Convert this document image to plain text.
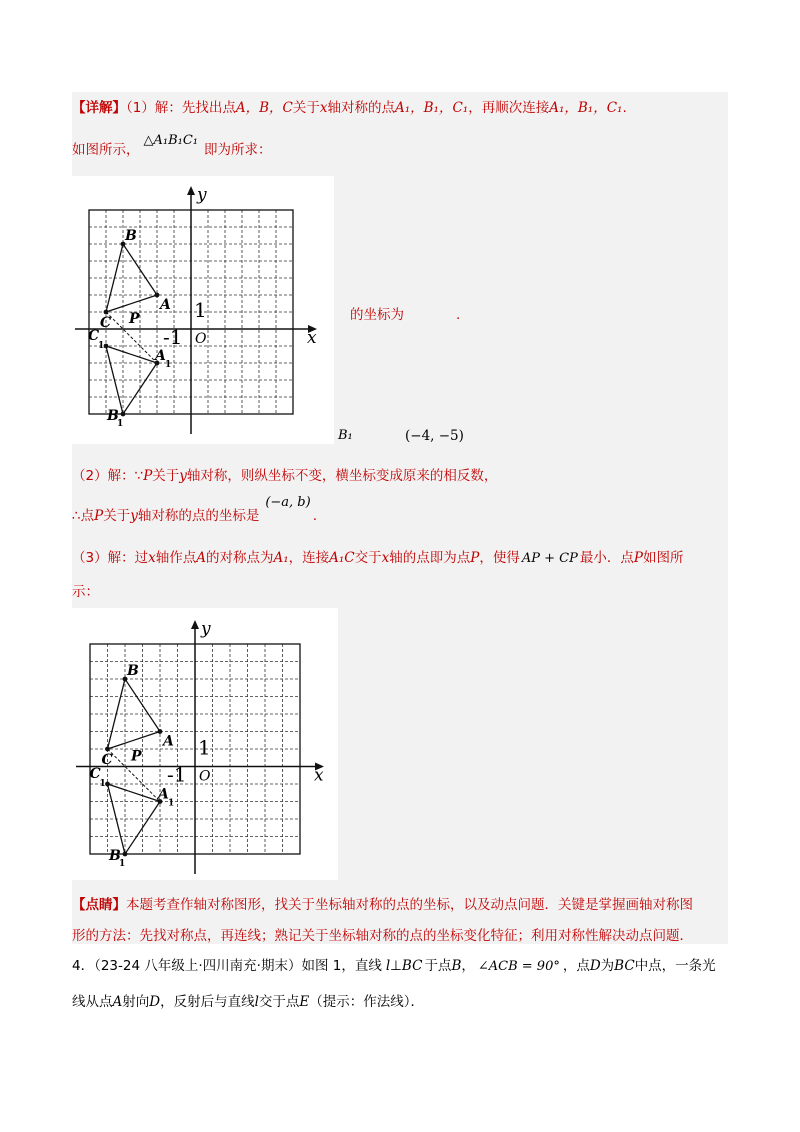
【详解】（1）解：先找出点A，B，C关于x轴对称的点A₁，B₁，C₁，再顺次连接A₁，B₁，C₁.
如图所示，△A₁B₁C₁即为所求：
x
y
O
1
-1
B
A
C P
A
1
B
1
C
1
的坐标为	.
B₁	(−4, −5)
（2）解：∵P关于y轴对称，则纵坐标不变，横坐标变成原来的相反数，
∴点P关于y轴对称的点的坐标是(−a, b).
（3）解：过x轴作点A的对称点为A₁，连接A₁C交于x轴的点即为点P，使得 AP + CP 最小．点P如图所
示：
x
y
O
1
-1
B
A
C P
A
1
B
1
C
1
【点睛】本题考查作轴对称图形，找关于坐标轴对称的点的坐标，以及动点问题．关键是掌握画轴对称图
形的方法：先找对称点，再连线；熟记关于坐标轴对称的点的坐标变化特征；利用对称性解决动点问题．
4．（23-24 八年级上·四川南充·期末）如图 1，直线 l⊥BC 于点B， ∠ACB = 90° ，点D为BC中点，一条光
线从点A射向D，反射后与直线l交于点E（提示：作法线）．
